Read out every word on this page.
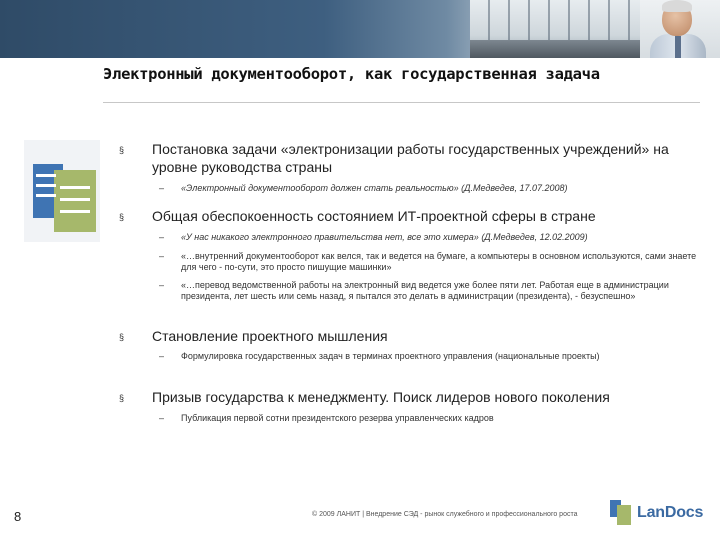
Электронный документооборот, как государственная задача
§ Постановка задачи «электронизации работы государственных учреждений» на уровне руководства страны
– «Электронный документооборот должен стать реальностью» (Д.Медведев, 17.07.2008)
§ Общая обеспокоенность состоянием ИТ-проектной сферы в стране
– «У нас никакого электронного правительства нет, все это химера» (Д.Медведев, 12.02.2009)
– «…внутренний документооборот как велся, так и ведется на бумаге, а компьютеры в основном используются, сами знаете для чего - по-сути, это просто пишущие машинки»
– «…перевод ведомственной работы на электронный вид ведется уже более пяти лет. Работая еще в администрации президента, лет шесть или семь назад, я пытался это делать в администрации (президента), - безуспешно»
§ Становление проектного мышления
– Формулировка государственных задач в терминах проектного управления (национальные проекты)
§ Призыв государства к менеджменту. Поиск лидеров нового поколения
– Публикация первой сотни президентского резерва управленческих кадров
8	© 2009 ЛАНИТ | Внедрение СЭД - рынок служебного и профессионального роста	LanDocs
